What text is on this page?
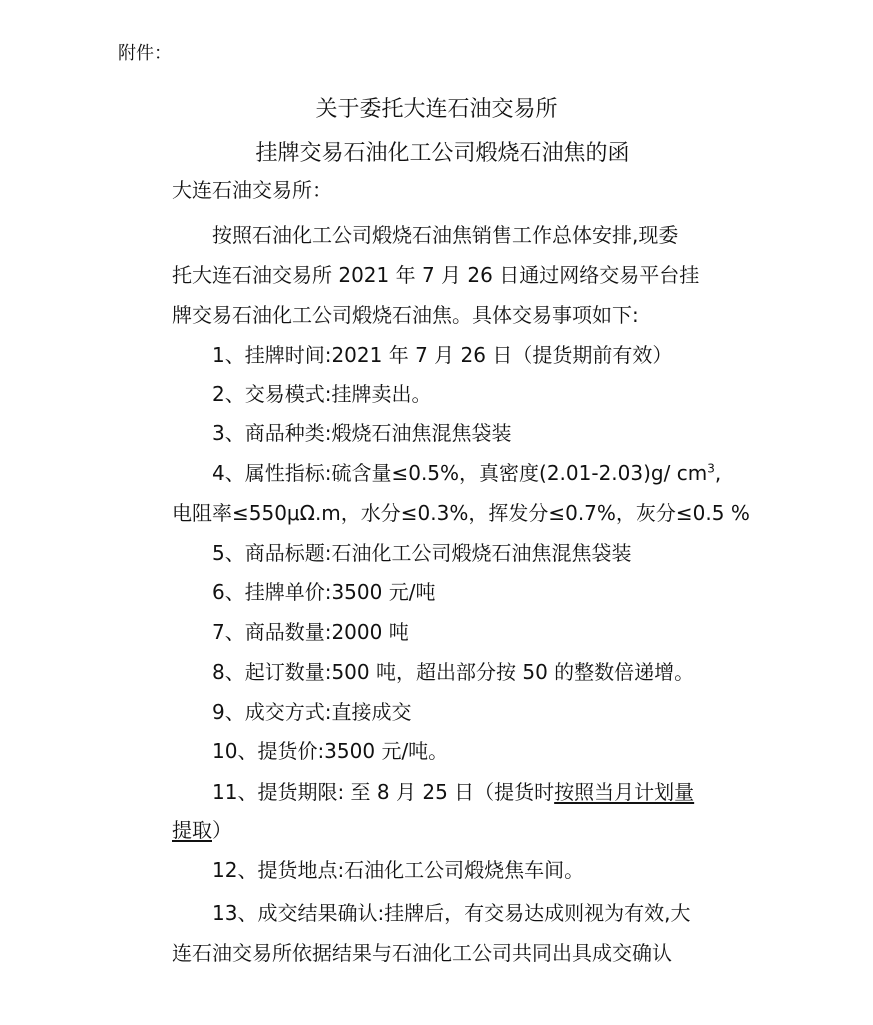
附件：
关于委托大连石油交易所
挂牌交易石油化工公司煅烧石油焦的函
大连石油交易所：
按照石油化工公司煅烧石油焦销售工作总体安排,现委
托大连石油交易所 2021 年 7 月 26 日通过网络交易平台挂
牌交易石油化工公司煅烧石油焦。具体交易事项如下:
1、挂牌时间:2021 年 7 月 26 日（提货期前有效）
2、交易模式:挂牌卖出。
3、商品种类:煅烧石油焦混焦袋装
4、属性指标:硫含量≤0.5%，真密度(2.01-2.03)g/ $cm^3$,
电阻率≤550μΩ.m，水分≤0.3%，挥发分≤0.7%，灰分≤0.5 %
5、商品标题:石油化工公司煅烧石油焦混焦袋装
6、挂牌单价:3500 元/吨
7、商品数量:2000 吨
8、起订数量:500 吨，超出部分按 50 的整数倍递增。
9、成交方式:直接成交
10、提货价:3500 元/吨。
11、提货期限: 至 8 月 25 日（提货时按照当月计划量
提取）
12、提货地点:石油化工公司煅烧焦车间。
13、成交结果确认:挂牌后，有交易达成则视为有效,大
连石油交易所依据结果与石油化工公司共同出具成交确认
